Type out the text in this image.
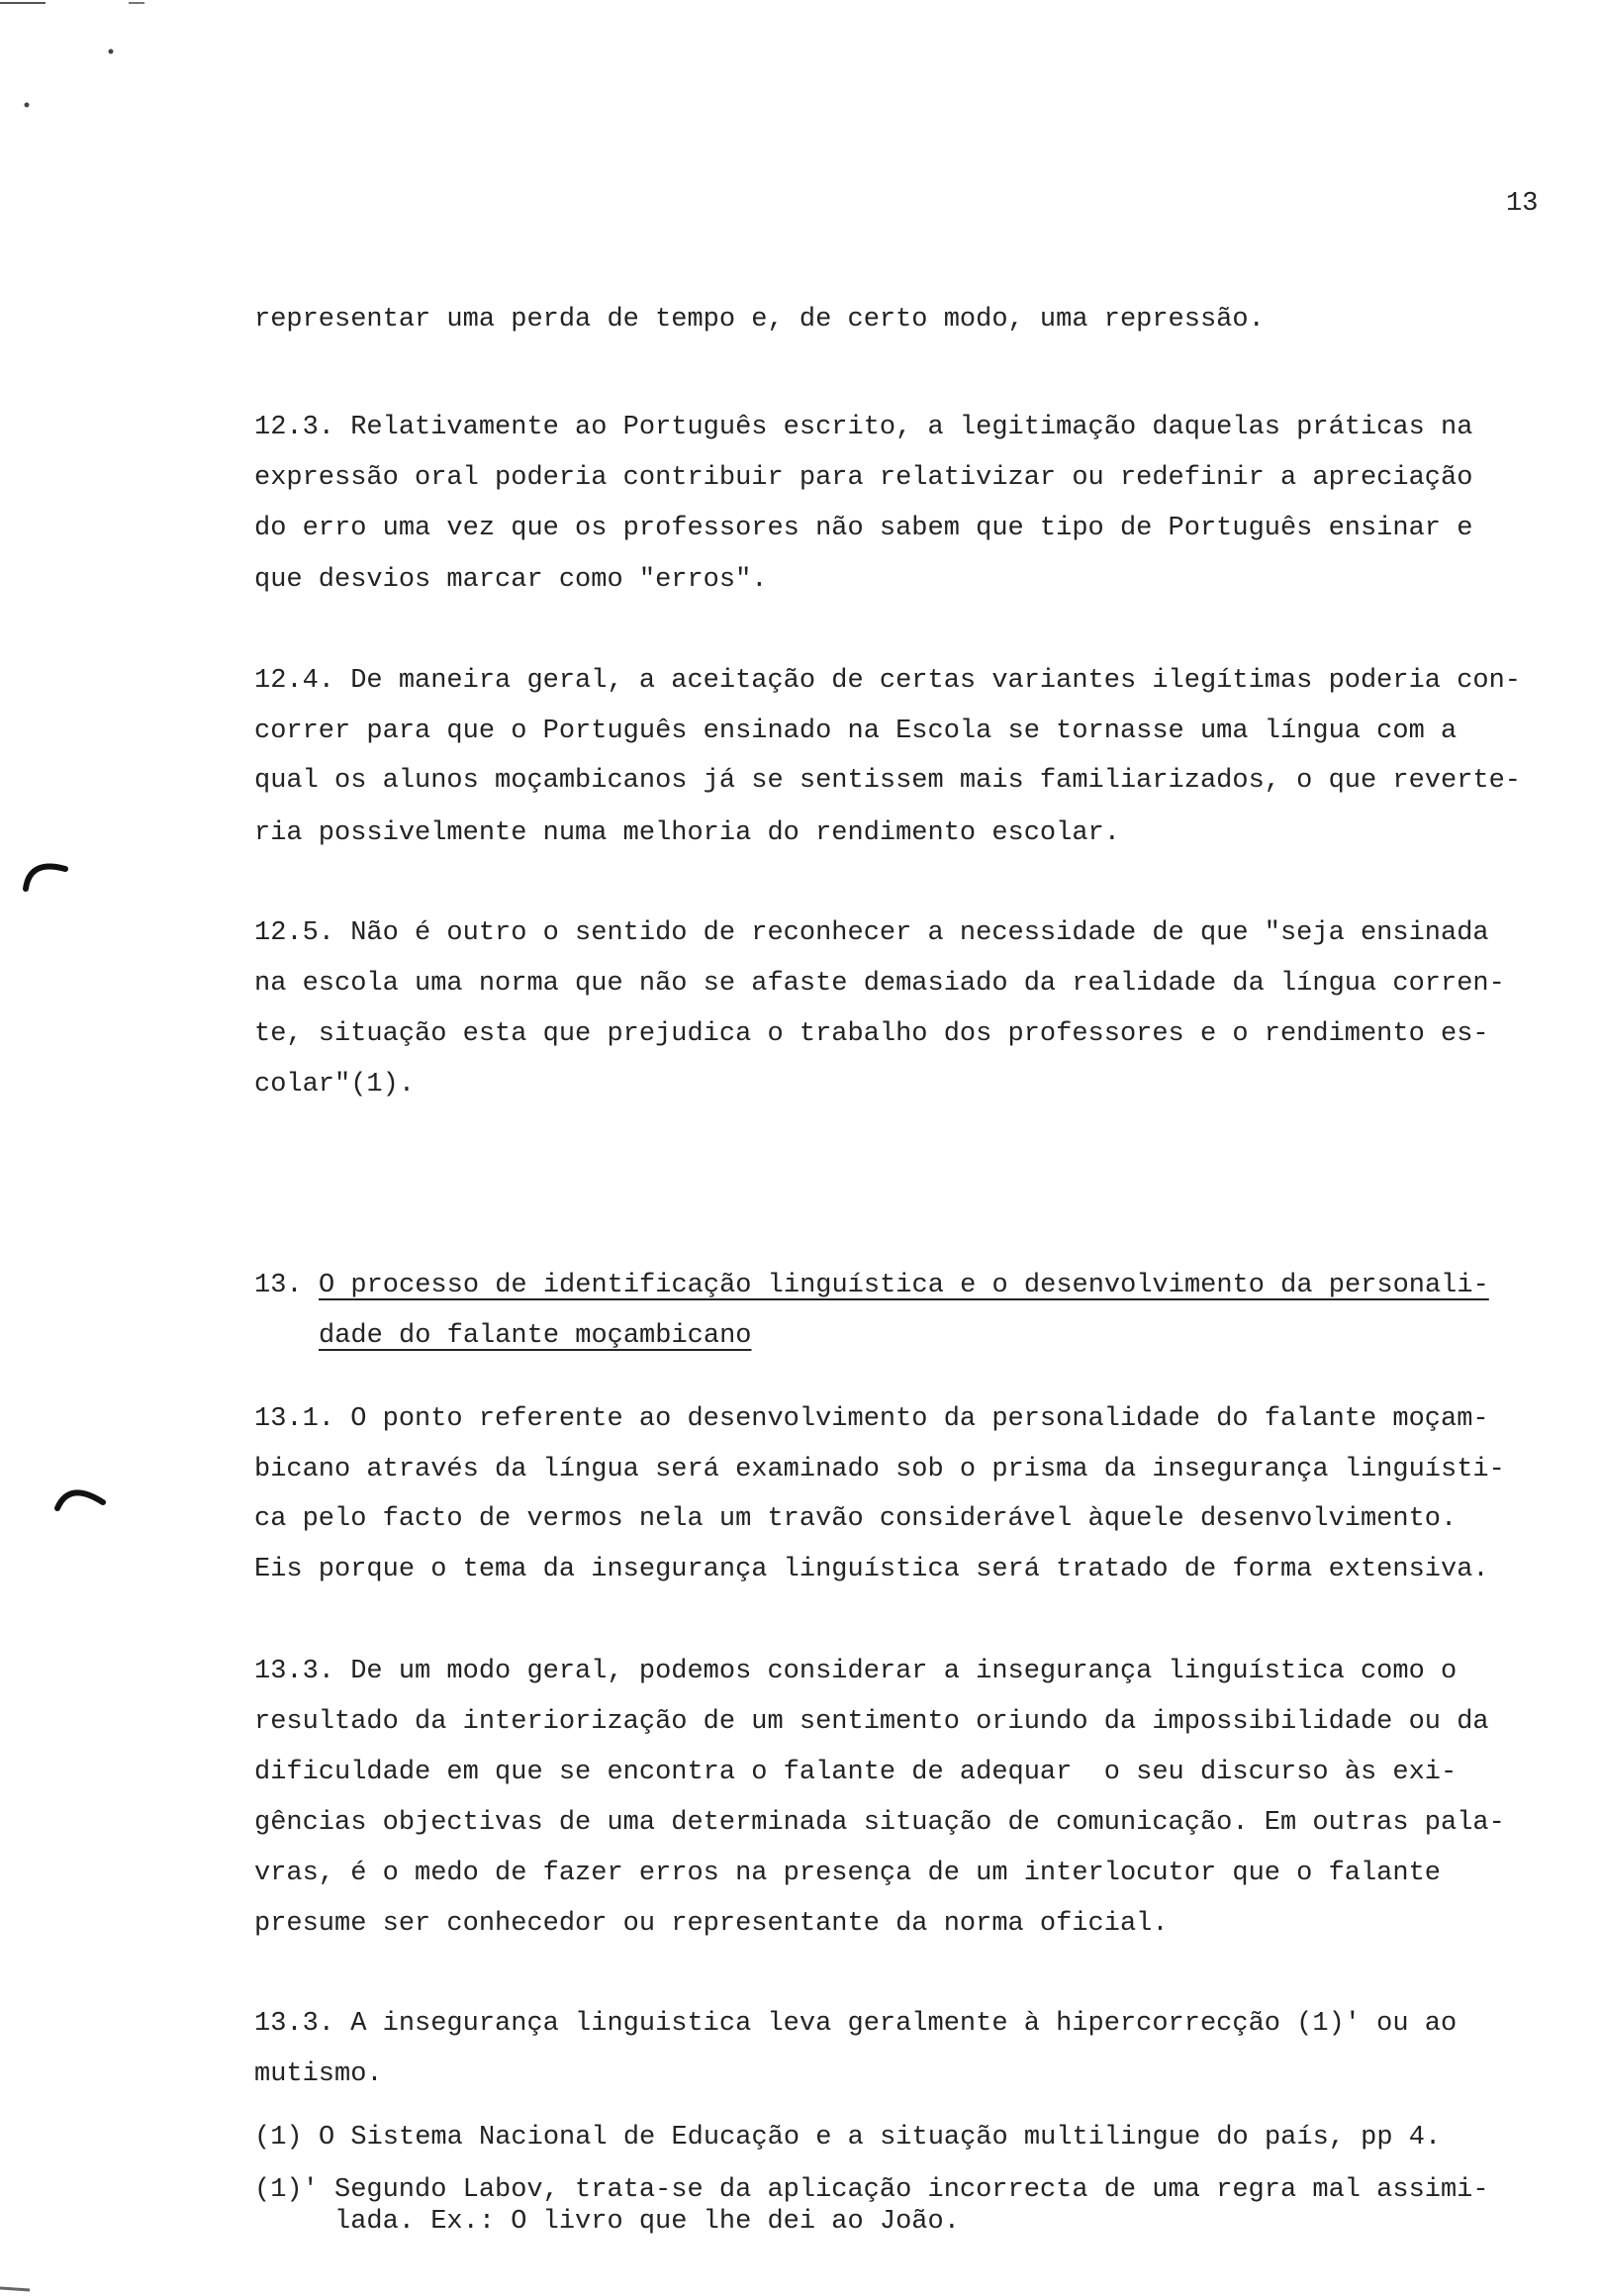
13
representar uma perda de tempo e, de certo modo, uma repressão.
12.3. Relativamente ao Português escrito, a legitimação daquelas práticas na
expressão oral poderia contribuir para relativizar ou redefinir a apreciação
do erro uma vez que os professores não sabem que tipo de Português ensinar e
que desvios marcar como "erros".
12.4. De maneira geral, a aceitação de certas variantes ilegítimas poderia con-
correr para que o Português ensinado na Escola se tornasse uma língua com a
qual os alunos moçambicanos já se sentissem mais familiarizados, o que reverte-
ria possivelmente numa melhoria do rendimento escolar.
12.5. Não é outro o sentido de reconhecer a necessidade de que "seja ensinada
na escola uma norma que não se afaste demasiado da realidade da língua corren-
te, situação esta que prejudica o trabalho dos professores e o rendimento es-
colar"(1).
13. O processo de identificação linguística e o desenvolvimento da personali-
dade do falante moçambicano
13.1. O ponto referente ao desenvolvimento da personalidade do falante moçam-
bicano através da língua será examinado sob o prisma da insegurança linguísti-
ca pelo facto de vermos nela um travão considerável àquele desenvolvimento.
Eis porque o tema da insegurança linguística será tratado de forma extensiva.
13.3. De um modo geral, podemos considerar a insegurança linguística como o
resultado da interiorização de um sentimento oriundo da impossibilidade ou da
dificuldade em que se encontra o falante de adequar  o seu discurso às exi-
gências objectivas de uma determinada situação de comunicação. Em outras pala-
vras, é o medo de fazer erros na presença de um interlocutor que o falante
presume ser conhecedor ou representante da norma oficial.
13.3. A insegurança linguistica leva geralmente à hipercorrecção (1)' ou ao
mutismo.

(1)

O Sistema Nacional de Educação e a situação multilingue do país, pp 4.

(1)'

Segundo Labov, trata-se da aplicação incorrecta de uma regra mal assimi-

lada. Ex.: O livro que lhe dei ao João.
